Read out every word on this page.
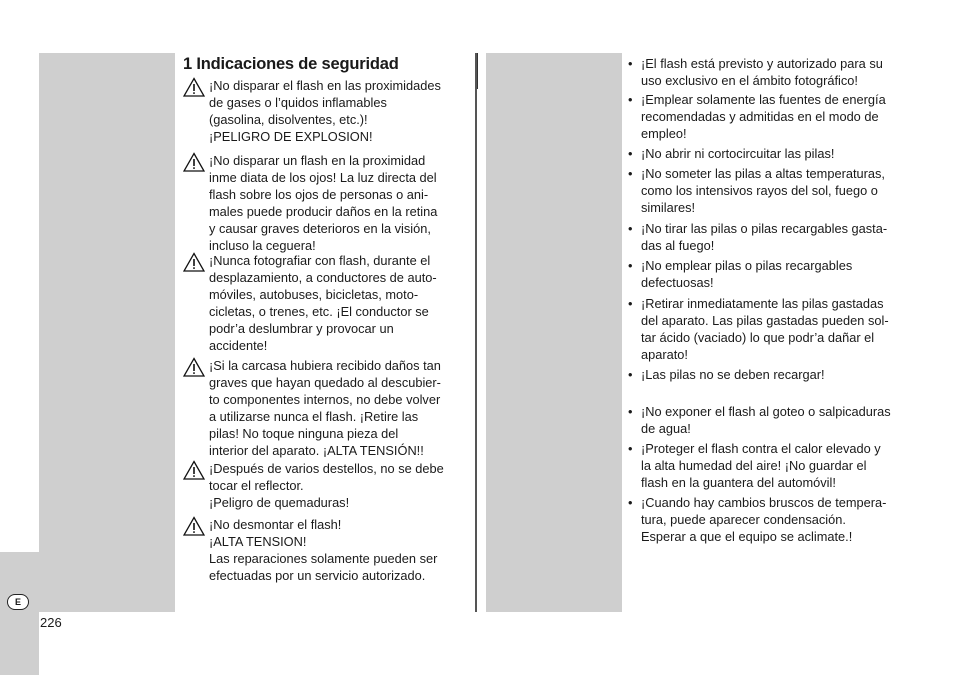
1 Indicaciones de seguridad
¡No disparar el flash en las proximidades
de gases o l’quidos inflamables
(gasolina, disolventes, etc.)!
¡PELIGRO DE EXPLOSION!
¡No disparar un flash en la proximidad
inme diata de los ojos! La luz directa del
flash sobre los ojos de personas o ani-
males puede producir daños en la retina
y causar graves deterioros en la visión,
incluso la ceguera!
¡Nunca fotografiar con flash, durante el
desplazamiento, a conductores de auto-
móviles, autobuses, bicicletas, moto-
cicletas, o trenes, etc. ¡El conductor se
podr’a deslumbrar y provocar un
accidente!
¡Si la carcasa hubiera recibido daños tan
graves que hayan quedado al descubier-
to componentes internos, no debe volver
a utilizarse nunca el flash. ¡Retire las
pilas! No toque ninguna pieza del
interior del aparato. ¡ALTA TENSIÓN!!
¡Después de varios destellos, no se debe
tocar el reflector.
¡Peligro de quemaduras!
¡No desmontar el flash!
¡ALTA TENSION!
Las reparaciones solamente pueden ser
efectuadas por un servicio autorizado.
• ¡El flash está previsto y autorizado para su
uso exclusivo en el ámbito fotográfico!
• ¡Emplear solamente las fuentes de energía
recomendadas y admitidas en el modo de
empleo!
• ¡No abrir ni cortocircuitar las pilas!
• ¡No someter las pilas a altas temperaturas,
como los intensivos rayos del sol, fuego o
similares!
• ¡No tirar las pilas o pilas recargables gasta-
das al fuego!
• ¡No emplear pilas o pilas recargables
defectuosas!
• ¡Retirar inmediatamente las pilas gastadas
del aparato. Las pilas gastadas pueden sol-
tar ácido (vaciado) lo que podr’a dañar el
aparato!
• ¡Las pilas no se deben recargar!
• ¡No exponer el flash al goteo o salpicaduras
de agua!
• ¡Proteger el flash contra el calor elevado y
la alta humedad del aire! ¡No guardar el
flash en la guantera del automóvil!
• ¡Cuando hay cambios bruscos de tempera-
tura, puede aparecer condensación.
Esperar a que el equipo se aclimate.!
E
226
